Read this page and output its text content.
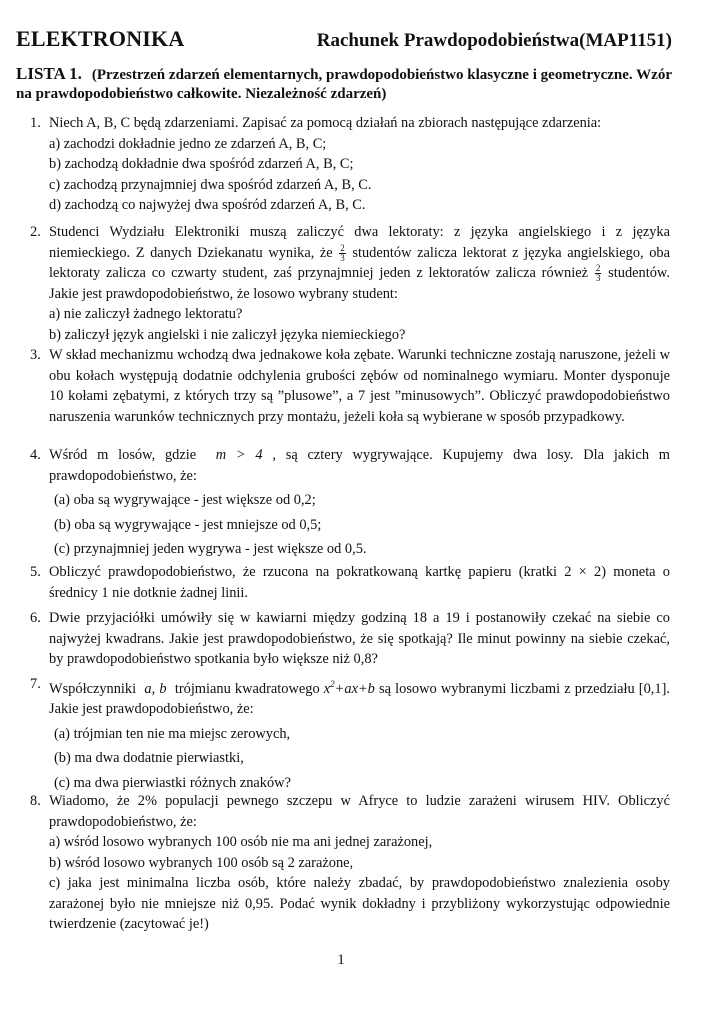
ELEKTRONIKA	Rachunek Prawdopodobieństwa(MAP1151)
LISTA 1. (Przestrzeń zdarzeń elementarnych, prawdopodobieństwo klasyczne i geometryczne. Wzór na prawdopodobieństwo całkowite. Niezależność zdarzeń)
1. Niech A, B, C będą zdarzeniami. Zapisać za pomocą działań na zbiorach następujące zdarzenia:
a) zachodzi dokładnie jedno ze zdarzeń A, B, C;
b) zachodzą dokładnie dwa spośród zdarzeń A, B, C;
c) zachodzą przynajmniej dwa spośród zdarzeń A, B, C.
d) zachodzą co najwyżej dwa spośród zdarzeń A, B, C.
2. Studenci Wydziału Elektroniki muszą zaliczyć dwa lektoraty: z języka angielskiego i z języka niemieckiego. Z danych Dziekanatu wynika, że $\frac{2}{3}$ studentów zalicza lektorat z języka angielskiego, oba lektoraty zalicza co czwarty student, zaś przynajmniej jeden z lektoratów zalicza również $\frac{2}{3}$ studentów. Jakie jest prawdopodobieństwo, że losowo wybrany student:
a) nie zaliczył żadnego lektoratu?
b) zaliczył język angielski i nie zaliczył języka niemieckiego?
3. W skład mechanizmu wchodzą dwa jednakowe koła zębate. Warunki techniczne zostają naruszone, jeżeli w obu kołach występują dodatnie odchylenia grubości zębów od nominalnego wymiaru. Monter dysponuje 10 kołami zębatymi, z których trzy są ”plusowe”, a 7 jest ”minusowych”. Obliczyć prawdopodobieństwo naruszenia warunków technicznych przy montażu, jeżeli koła są wybierane w sposób przypadkowy.
4. Wśród m losów, gdzie m > 4 , są cztery wygrywające. Kupujemy dwa losy. Dla jakich m prawdopodobieństwo, że:
(a) oba są wygrywające - jest większe od 0,2;
(b) oba są wygrywające - jest mniejsze od 0,5;
(c) przynajmniej jeden wygrywa - jest większe od 0,5.
5. Obliczyć prawdopodobieństwo, że rzucona na pokratkowaną kartkę papieru (kratki 2 × 2) moneta o średnicy 1 nie dotknie żadnej linii.
6. Dwie przyjaciółki umówiły się w kawiarni między godziną 18 a 19 i postanowiły czekać na siebie co najwyżej kwadrans. Jakie jest prawdopodobieństwo, że się spotkają? Ile minut powinny na siebie czekać, by prawdopodobieństwo spotkania było większe niż 0,8?
7. Współczynniki a, b trójmianu kwadratowego $x^2+ax+b$ są losowo wybranymi liczbami z przedziału [0,1]. Jakie jest prawdopodobieństwo, że:
(a) trójmian ten nie ma miejsc zerowych,
(b) ma dwa dodatnie pierwiastki,
(c) ma dwa pierwiastki różnych znaków?
8. Wiadomo, że 2% populacji pewnego szczepu w Afryce to ludzie zarażeni wirusem HIV. Obliczyć prawdopodobieństwo, że:
a) wśród losowo wybranych 100 osób nie ma ani jednej zarażonej,
b) wśród losowo wybranych 100 osób są 2 zarażone,
c) jaka jest minimalna liczba osób, które należy zbadać, by prawdopodobieństwo znalezienia osoby zarażonej było nie mniejsze niż 0,95. Podać wynik dokładny i przybliżony wykorzystując odpowiednie twierdzenie (zacytować je!)
1
